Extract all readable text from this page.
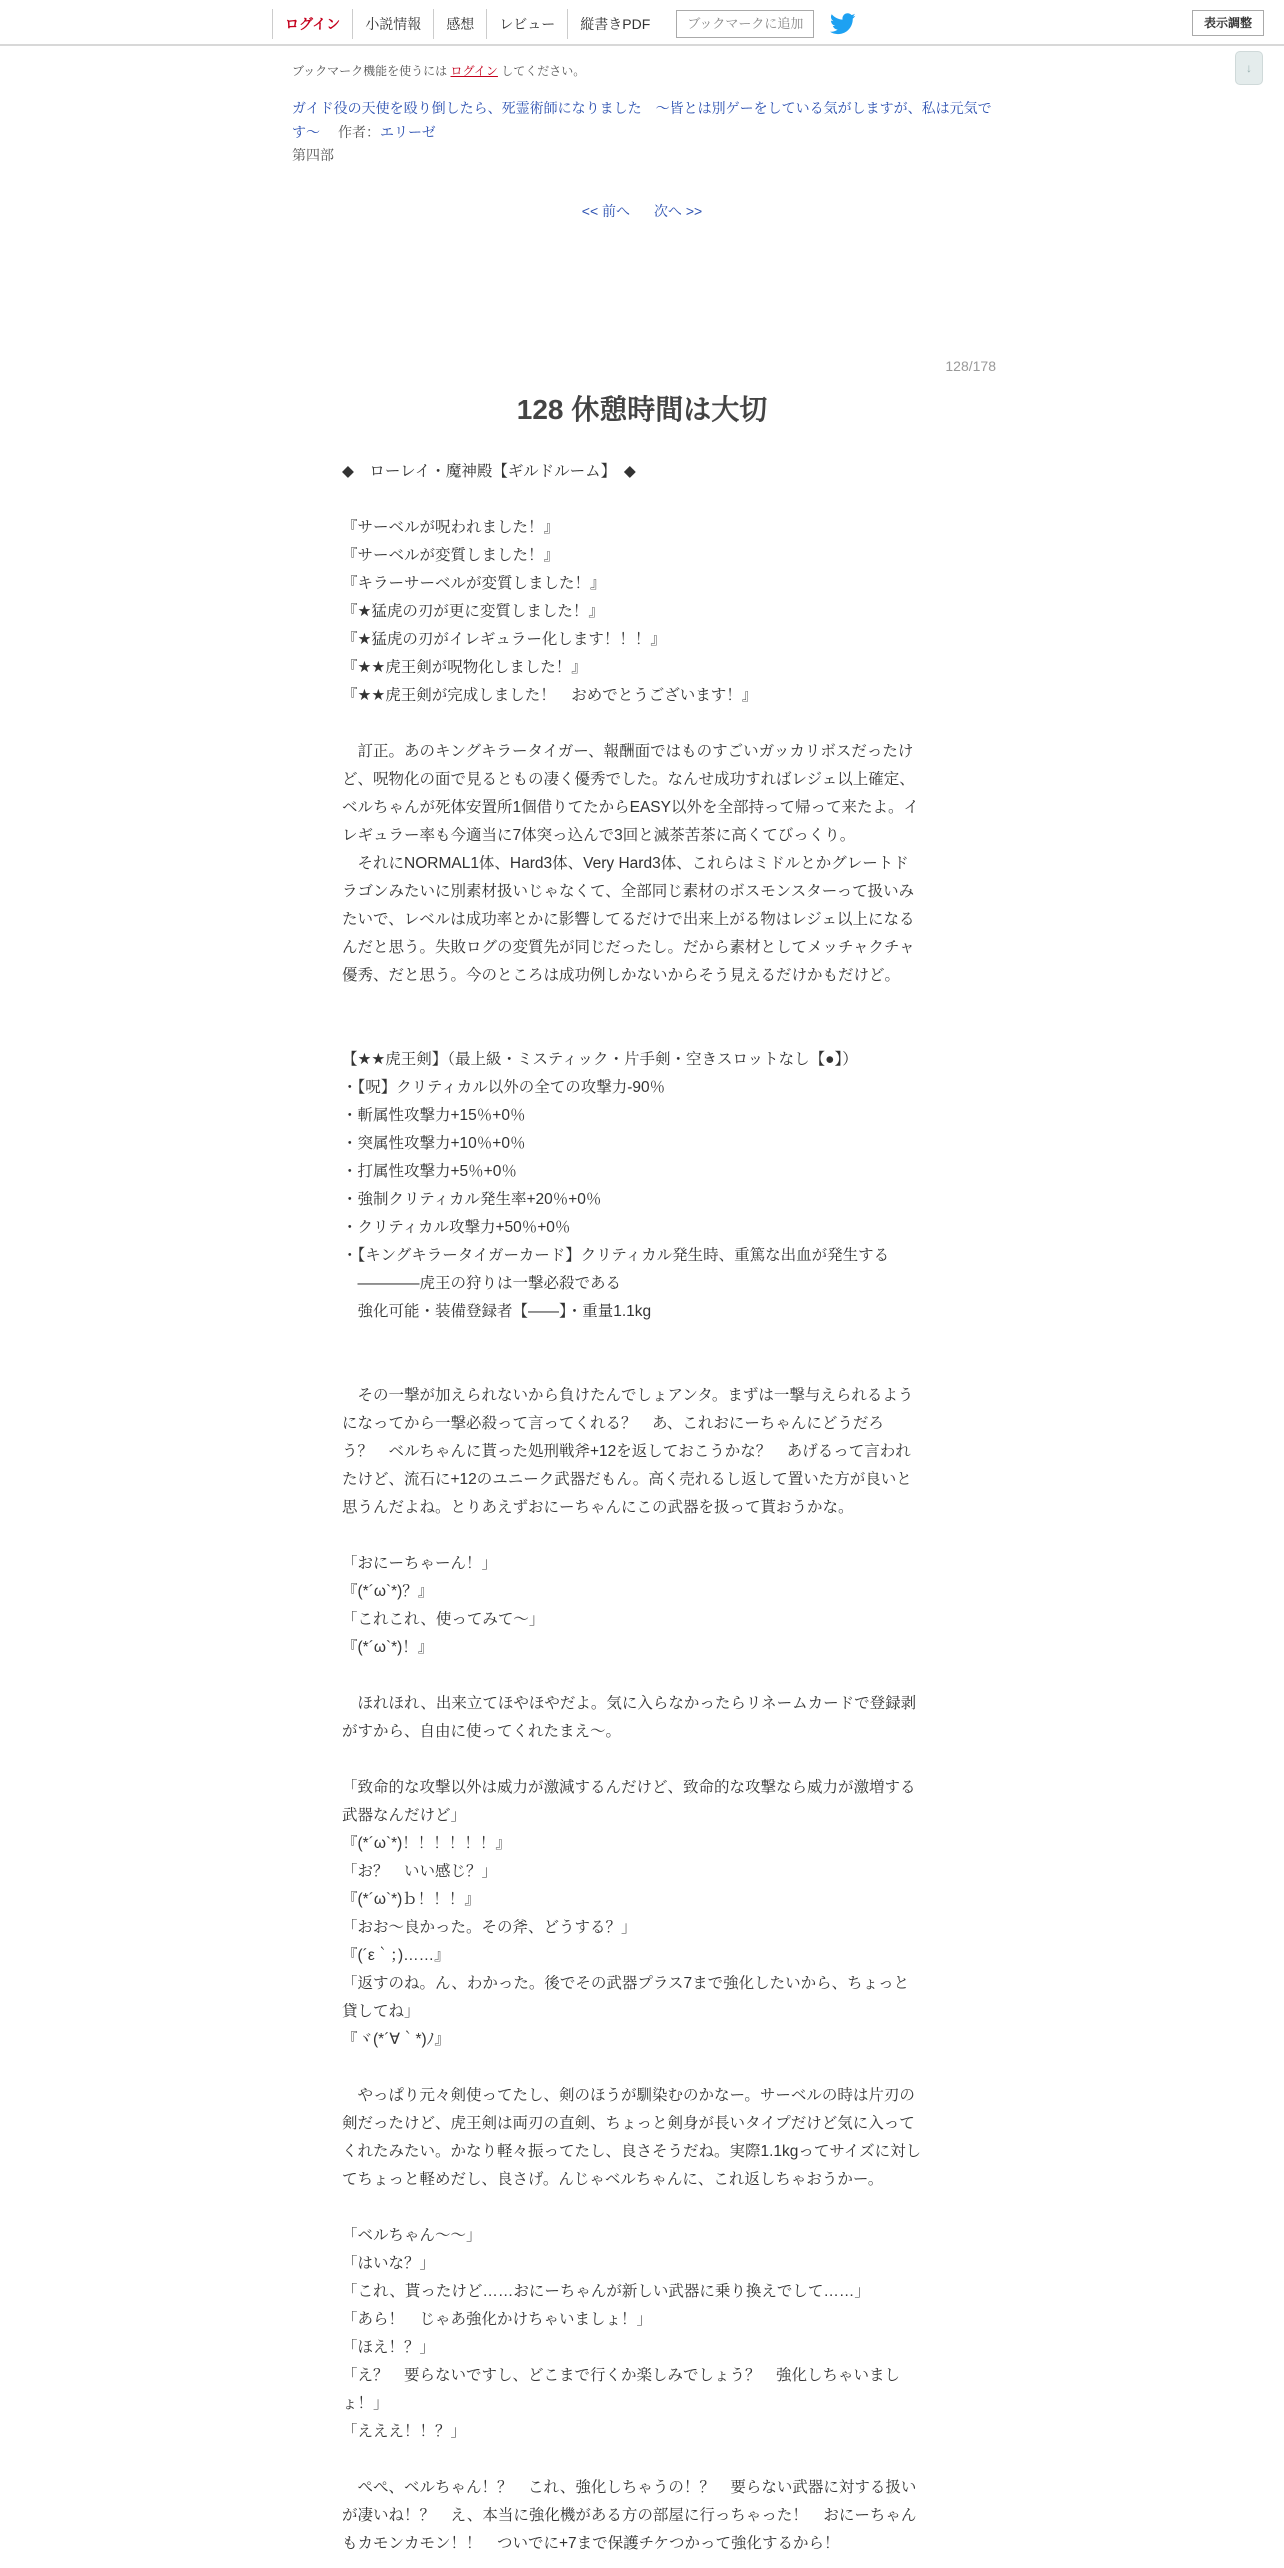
ログイン	小説情報	感想	レビュー	縦書きPDF	ブックマークに追加	表示調整
↓
ブックマーク機能を使うには ログイン してください。
ガイド役の天使を殴り倒したら、死霊術師になりました　～皆とは別ゲーをしている気がしますが、私は元気です～ 作者：エリーゼ
第四部
<< 前へ 次へ >>
128/178
128 休憩時間は大切
◆　ローレイ・魔神殿【ギルドルーム】　◆
『サーベルが呪われました！』
『サーベルが変質しました！』
『キラーサーベルが変質しました！』
『★猛虎の刃が更に変質しました！』
『★猛虎の刃がイレギュラー化します！！！』
『★★虎王剣が呪物化しました！』
『★★虎王剣が完成しました！　おめでとうございます！』
　訂正。あのキングキラータイガー、報酬面ではものすごいガッカリボスだったけ
ど、呪物化の面で見るともの凄く優秀でした。なんせ成功すればレジェ以上確定、
ベルちゃんが死体安置所1個借りてたからEASY以外を全部持って帰って来たよ。イ
レギュラー率も今適当に7体突っ込んで3回と滅茶苦茶に高くてびっくり。
　それにNORMAL1体、Hard3体、Very Hard3体、これらはミドルとかグレートド
ラゴンみたいに別素材扱いじゃなくて、全部同じ素材のボスモンスターって扱いみ
たいで、レベルは成功率とかに影響してるだけで出来上がる物はレジェ以上になる
んだと思う。失敗ログの変質先が同じだったし。だから素材としてメッチャクチャ
優秀、だと思う。今のところは成功例しかないからそう見えるだけかもだけど。
【★★虎王剣】（最上級・ミスティック・片手剣・空きスロットなし【●】）
・【呪】クリティカル以外の全ての攻撃力-90％
・斬属性攻撃力+15％+0％
・突属性攻撃力+10％+0％
・打属性攻撃力+5％+0％
・強制クリティカル発生率+20％+0％
・クリティカル攻撃力+50％+0％
・【キングキラータイガーカード】クリティカル発生時、重篤な出血が発生する
　――――虎王の狩りは一撃必殺である
　強化可能・装備登録者【――】・重量1.1kg
　その一撃が加えられないから負けたんでしょアンタ。まずは一撃与えられるよう
になってから一撃必殺って言ってくれる？　あ、これおにーちゃんにどうだろ
う？　ベルちゃんに貰った処刑戦斧+12を返しておこうかな？　あげるって言われ
たけど、流石に+12のユニーク武器だもん。高く売れるし返して置いた方が良いと
思うんだよね。とりあえずおにーちゃんにこの武器を扱って貰おうかな。
「おにーちゃーん！」
『(*´ω`*)？』
「これこれ、使ってみて～」
『(*´ω`*)！』
　ほれほれ、出来立てほやほやだよ。気に入らなかったらリネームカードで登録剥
がすから、自由に使ってくれたまえ～。
「致命的な攻撃以外は威力が激減するんだけど、致命的な攻撃なら威力が激増する
武器なんだけど」
『(*´ω`*)！！！！！！』
「お？　いい感じ？」
『(*´ω`*)ｂ！！！』
「おお～良かった。その斧、どうする？」
『(´ε｀；)……』
「返すのね。ん、わかった。後でその武器プラス7まで強化したいから、ちょっと
貸してね」
『ヾ(*´∀｀*)ﾉ』
　やっぱり元々剣使ってたし、剣のほうが馴染むのかなー。サーベルの時は片刃の
剣だったけど、虎王剣は両刃の直剣、ちょっと剣身が長いタイプだけど気に入って
くれたみたい。かなり軽々振ってたし、良さそうだね。実際1.1kgってサイズに対し
てちょっと軽めだし、良さげ。んじゃベルちゃんに、これ返しちゃおうかー。
「ベルちゃん～～」
「はいな？」
「これ、貰ったけど……おにーちゃんが新しい武器に乗り換えでして……」
「あら！　じゃあ強化かけちゃいましょ！」
「ほえ！？」
「え？　要らないですし、どこまで行くか楽しみでしょう？　強化しちゃいまし
ょ！」
「えええ！！？」
　ぺぺ、ベルちゃん！？　これ、強化しちゃうの！？　要らない武器に対する扱い
が凄いね！？　え、本当に強化機がある方の部屋に行っちゃった！　おにーちゃん
もカモンカモン！！　ついでに+7まで保護チケつかって強化するから！
